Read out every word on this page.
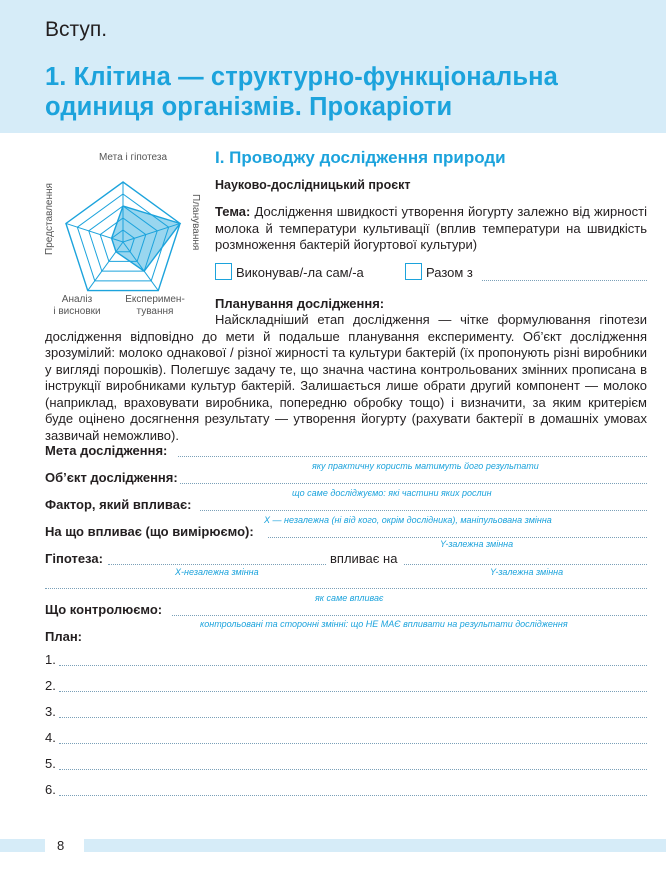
Вступ.
1. Клітина — структурно-функціональна
одиниця організмів. Прокаріоти
Мета і гіпотеза
Планування
Представлення
Експеримен-
тування
Аналіз
і висновки
I. Проводжу дослідження природи
Науково-дослідницький проєкт
Тема: Дослідження швидкості утворення йогурту залежно від жирності молока й температури культивації (вплив температури на швидкість розмноження бактерій йогуртової культури)
Виконував/-ла сам/-а	Разом з
Планування дослідження:
Найскладніший етап дослідження — чітке формулювання гіпотези дослідження відповідно до мети й подальше планування експерименту. Об’єкт дослідження зрозумілий: молоко однакової / різної жирності та культури бактерій (їх пропонують різні виробники у вигляді порошків). Полегшує задачу те, що значна частина контрольованих змінних прописана в інструкції виробниками культур бактерій. Залишається лише обрати другий компонент — молоко (наприклад, враховувати виробника, попередню обробку тощо) і визначити, за яким критерієм буде оцінено досягнення результату — утворення йогурту (рахувати бактерії в домашніх умовах зазвичай неможливо).
Мета дослідження:
яку практичну користь матимуть його результати
Об’єкт дослідження:
що саме досліджуємо: які частини яких рослин
Фактор, який впливає:
X — незалежна (ні від кого, окрім дослідника), маніпульована змінна
На що впливає (що вимірюємо):
Y-залежна змінна
Гіпотеза:	впливає на
X-незалежна змінна	Y-залежна змінна
як саме впливає
Що контролюємо:
контрольовані та сторонні змінні: що НЕ МАЄ впливати на результати дослідження
План:
1.
2.
3.
4.
5.
6.
8
